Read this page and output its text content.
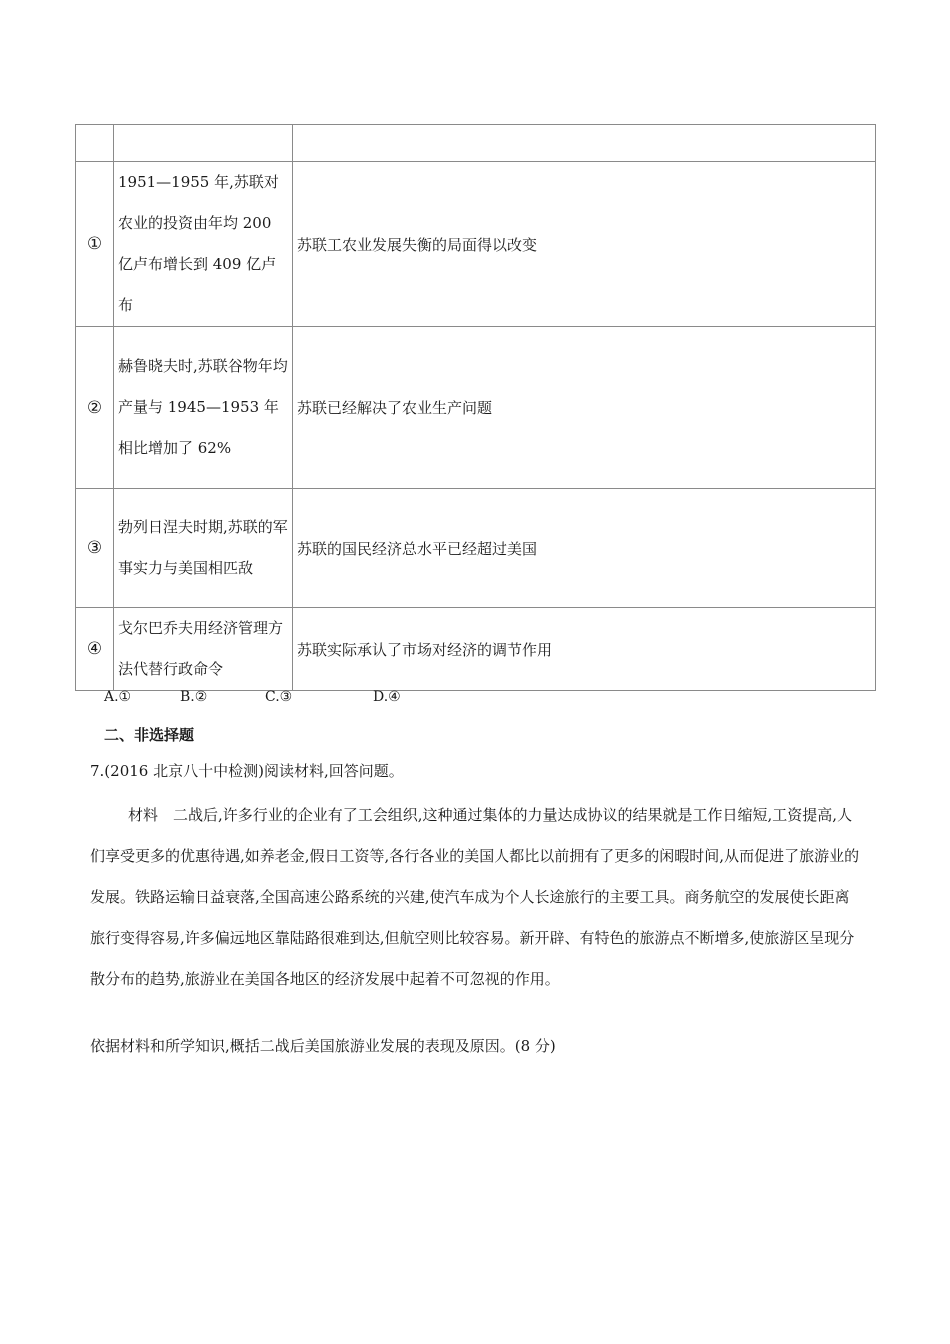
①	1951—1955 年,苏联对农业的投资由年均 200 亿卢布增长到 409 亿卢布	苏联工农业发展失衡的局面得以改变
②	赫鲁晓夫时,苏联谷物年均产量与 1945—1953 年相比增加了 62%	苏联已经解决了农业生产问题
③	勃列日涅夫时期,苏联的军事实力与美国相匹敌	苏联的国民经济总水平已经超过美国
④	戈尔巴乔夫用经济管理方法代替行政命令	苏联实际承认了市场对经济的调节作用
A.①	B.②	C.③	D.④
二、非选择题
7.(2016 北京八十中检测)阅读材料,回答问题。
材料　二战后,许多行业的企业有了工会组织,这种通过集体的力量达成协议的结果就是工作日缩短,工资提高,人们享受更多的优惠待遇,如养老金,假日工资等,各行各业的美国人都比以前拥有了更多的闲暇时间,从而促进了旅游业的发展。铁路运输日益衰落,全国高速公路系统的兴建,使汽车成为个人长途旅行的主要工具。商务航空的发展使长距离旅行变得容易,许多偏远地区靠陆路很难到达,但航空则比较容易。新开辟、有特色的旅游点不断增多,使旅游区呈现分散分布的趋势,旅游业在美国各地区的经济发展中起着不可忽视的作用。
依据材料和所学知识,概括二战后美国旅游业发展的表现及原因。(8 分)
